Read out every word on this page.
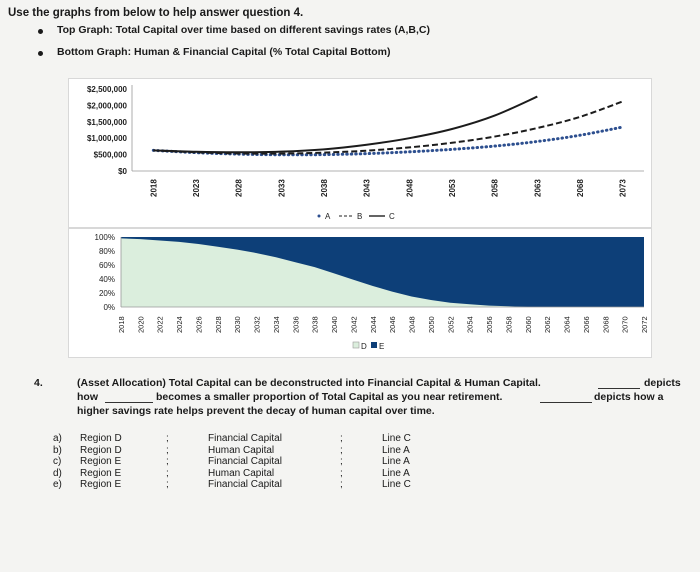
Use the graphs from below to help answer question 4.
Top Graph: Total Capital over time based on different savings rates (A,B,C)
Bottom Graph: Human & Financial Capital (% Total Capital Bottom)
$2,500,000
$2,000,000
$1,500,000
$1,000,000
$500,000
$0
2018	2023	2028	2033	2038	2043	2048	2053	2058	2063	2068	2073
A	B	C
100%
80%
60%
40%
20%
0%
2018 2020 2022 2024 2026 2028 2030 2032 2034 2036 2038 2040 2042 2044 2046 2048 2050 2052 2054 2056 2058 2060 2062 2064 2066 2068 2070 2072
D E
4.	(Asset Allocation) Total Capital can be deconstructed into Financial Capital & Human Capital.	depicts
how	becomes a smaller proportion of Total Capital as you near retirement.	depicts how a
higher savings rate helps prevent the decay of human capital over time.
a) Region D	;	Financial Capital	;	Line C
b) Region D	;	Human Capital	;	Line A
c) Region E	;	Financial Capital	;	Line A
d) Region E	;	Human Capital	;	Line A
e) Region E	;	Financial Capital	;	Line C
